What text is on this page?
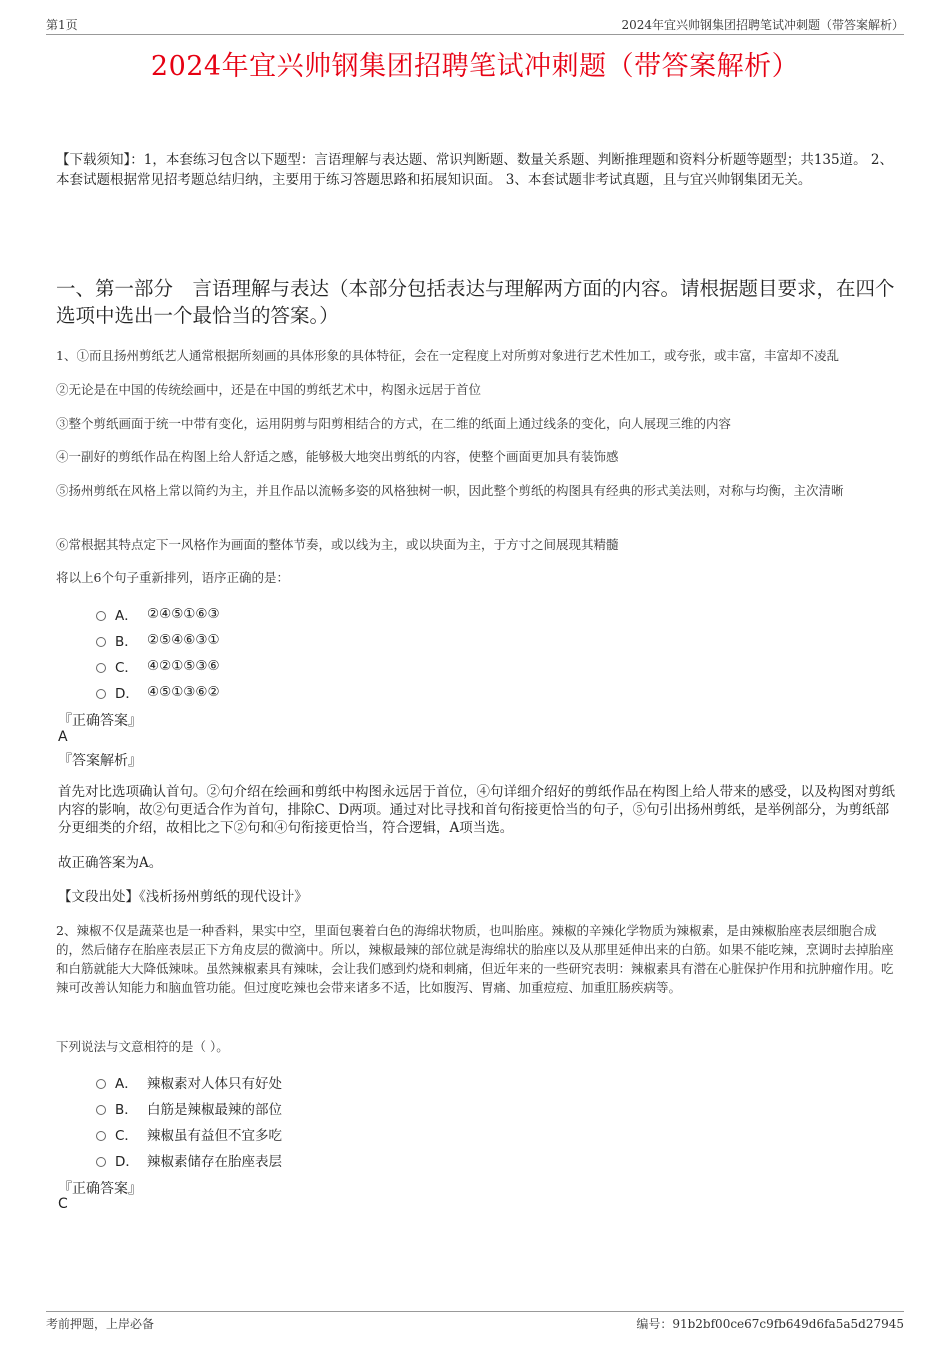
第1页	2024年宜兴帅钢集团招聘笔试冲刺题（带答案解析）
2024年宜兴帅钢集团招聘笔试冲刺题（带答案解析）
【下载须知】：1，本套练习包含以下题型：言语理解与表达题、常识判断题、数量关系题、判断推理题和资料分析题等题型；共135道。 2、本套试题根据常见招考题总结归纳，主要用于练习答题思路和拓展知识面。 3、本套试题非考试真题，且与宜兴帅钢集团无关。
一、第一部分　言语理解与表达（本部分包括表达与理解两方面的内容。请根据题目要求，在四个选项中选出一个最恰当的答案。）
1、①而且扬州剪纸艺人通常根据所刻画的具体形象的具体特征，会在一定程度上对所剪对象进行艺术性加工，或夸张，或丰富，丰富却不凌乱
②无论是在中国的传统绘画中，还是在中国的剪纸艺术中，构图永远居于首位
③整个剪纸画面于统一中带有变化，运用阴剪与阳剪相结合的方式，在二维的纸面上通过线条的变化，向人展现三维的内容
④一副好的剪纸作品在构图上给人舒适之感，能够极大地突出剪纸的内容，使整个画面更加具有装饰感
⑤扬州剪纸在风格上常以简约为主，并且作品以流畅多姿的风格独树一帜，因此整个剪纸的构图具有经典的形式美法则，对称与均衡，主次清晰
⑥常根据其特点定下一风格作为画面的整体节奏，或以线为主，或以块面为主，于方寸之间展现其精髓
将以上6个句子重新排列，语序正确的是：
A． ②④⑤①⑥③
B． ②⑤④⑥③①
C． ④②①⑤③⑥
D． ④⑤①③⑥②
『正确答案』
A
『答案解析』
首先对比选项确认首句。②句介绍在绘画和剪纸中构图永远居于首位，④句详细介绍好的剪纸作品在构图上给人带来的感受，以及构图对剪纸内容的影响，故②句更适合作为首句，排除C、D两项。通过对比寻找和首句衔接更恰当的句子，⑤句引出扬州剪纸，是举例部分，为剪纸部分更细类的介绍，故相比之下②句和④句衔接更恰当，符合逻辑，A项当选。
故正确答案为A。
【文段出处】《浅析扬州剪纸的现代设计》
2、辣椒不仅是蔬菜也是一种香料，果实中空，里面包裹着白色的海绵状物质，也叫胎座。辣椒的辛辣化学物质为辣椒素，是由辣椒胎座表层细胞合成的，然后储存在胎座表层正下方角皮层的微滴中。所以，辣椒最辣的部位就是海绵状的胎座以及从那里延伸出来的白筋。如果不能吃辣，烹调时去掉胎座和白筋就能大大降低辣味。虽然辣椒素具有辣味，会让我们感到灼烧和刺痛，但近年来的一些研究表明：辣椒素具有潜在心脏保护作用和抗肿瘤作用。吃辣可改善认知能力和脑血管功能。但过度吃辣也会带来诸多不适，比如腹泻、胃痛、加重痘痘、加重肛肠疾病等。
下列说法与文意相符的是（ ）。
A． 辣椒素对人体只有好处
B． 白筋是辣椒最辣的部位
C． 辣椒虽有益但不宜多吃
D． 辣椒素储存在胎座表层
『正确答案』
C
考前押题，上岸必备	编号：91b2bf00ce67c9fb649d6fa5a5d27945
